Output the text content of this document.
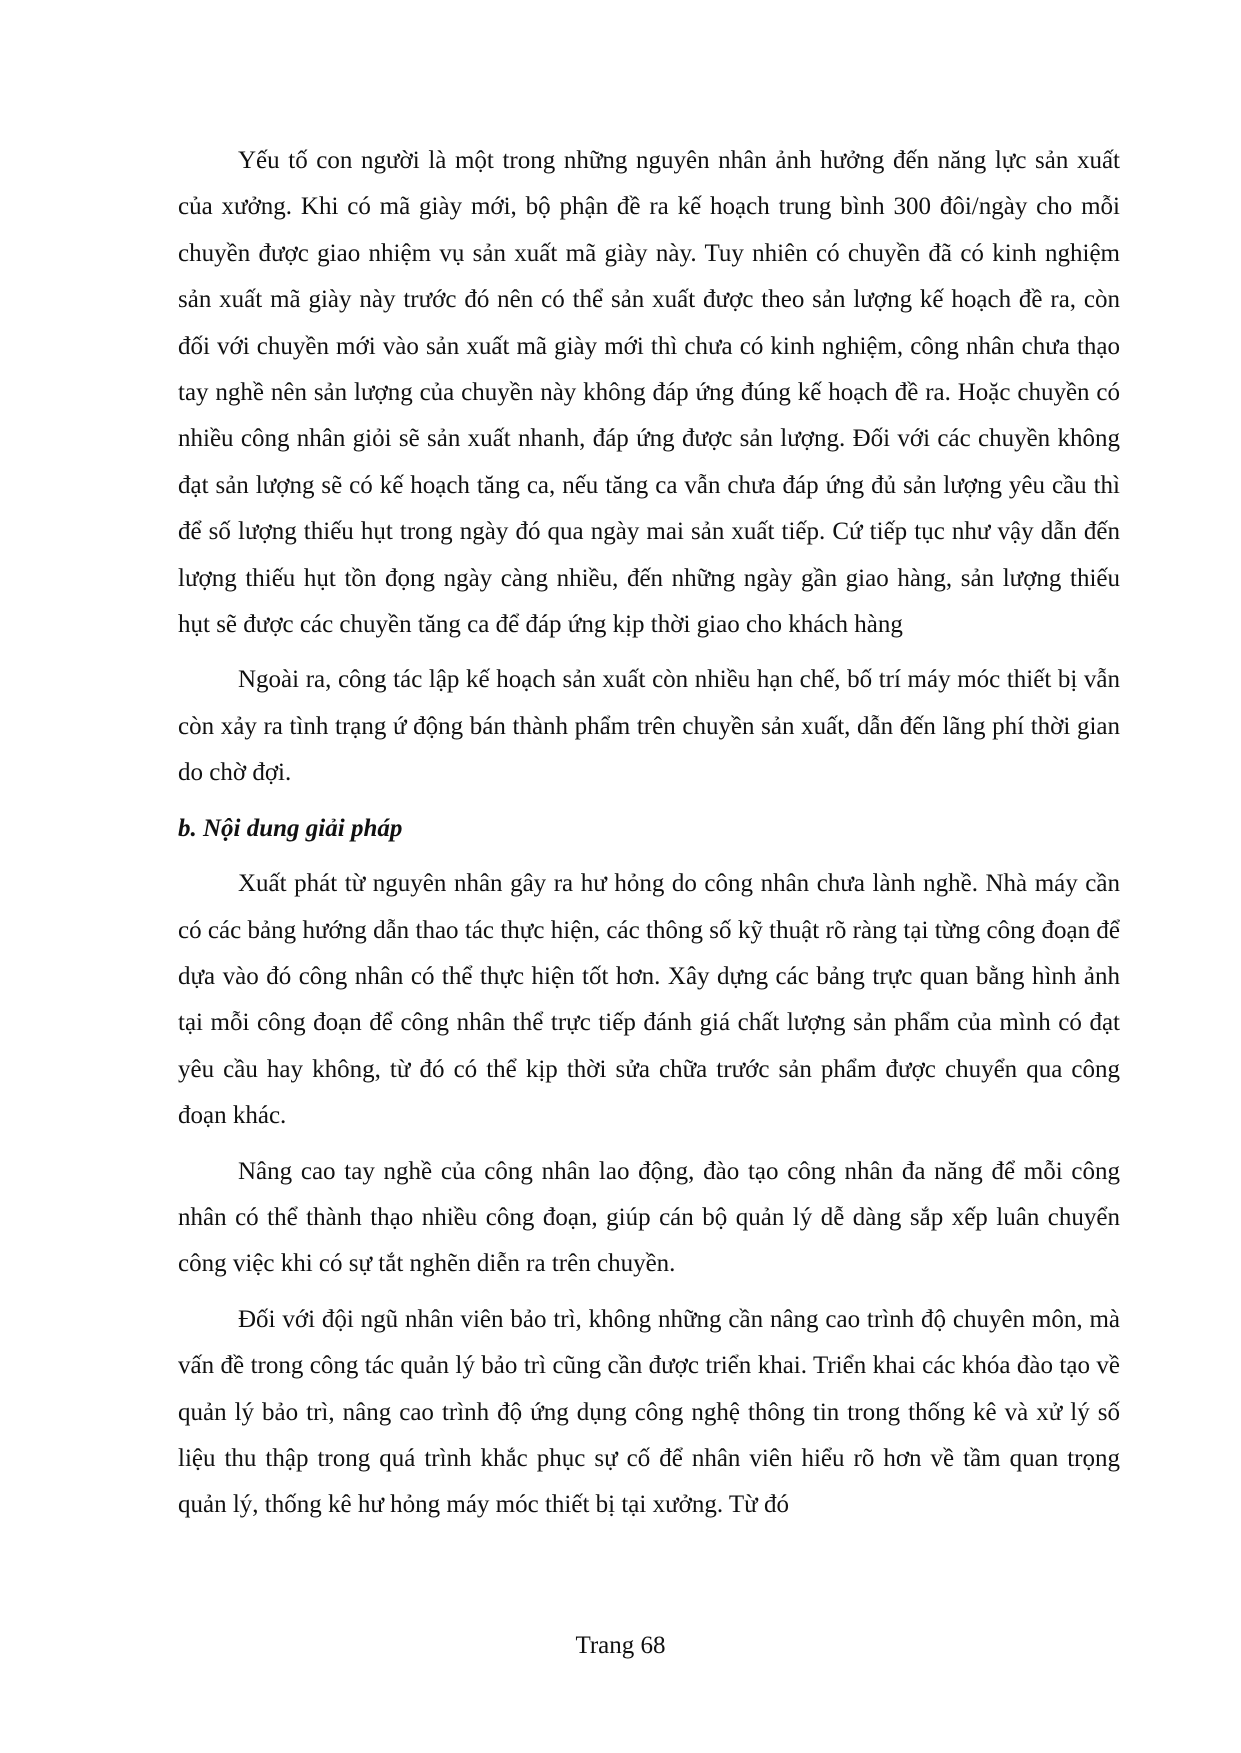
Yếu tố con người là một trong những nguyên nhân ảnh hưởng đến năng lực sản xuất của xưởng. Khi có mã giày mới, bộ phận đề ra kế hoạch trung bình 300 đôi/ngày cho mỗi chuyền được giao nhiệm vụ sản xuất mã giày này. Tuy nhiên có chuyền đã có kinh nghiệm sản xuất mã giày này trước đó nên có thể sản xuất được theo sản lượng kế hoạch đề ra, còn đối với chuyền mới vào sản xuất mã giày mới thì chưa có kinh nghiệm, công nhân chưa thạo tay nghề nên sản lượng của chuyền này không đáp ứng đúng kế hoạch đề ra. Hoặc chuyền có nhiều công nhân giỏi sẽ sản xuất nhanh, đáp ứng được sản lượng. Đối với các chuyền không đạt sản lượng sẽ có kế hoạch tăng ca, nếu tăng ca vẫn chưa đáp ứng đủ sản lượng yêu cầu thì để số lượng thiếu hụt trong ngày đó qua ngày mai sản xuất tiếp. Cứ tiếp tục như vậy dẫn đến lượng thiếu hụt tồn đọng ngày càng nhiều, đến những ngày gần giao hàng, sản lượng thiếu hụt sẽ được các chuyền tăng ca để đáp ứng kịp thời giao cho khách hàng

Ngoài ra, công tác lập kế hoạch sản xuất còn nhiều hạn chế, bố trí máy móc thiết bị vẫn còn xảy ra tình trạng ứ động bán thành phẩm trên chuyền sản xuất, dẫn đến lãng phí thời gian do chờ đợi.

b. Nội dung giải pháp

Xuất phát từ nguyên nhân gây ra hư hỏng do công nhân chưa lành nghề. Nhà máy cần có các bảng hướng dẫn thao tác thực hiện, các thông số kỹ thuật rõ ràng tại từng công đoạn để dựa vào đó công nhân có thể thực hiện tốt hơn. Xây dựng các bảng trực quan bằng hình ảnh tại mỗi công đoạn để công nhân thể trực tiếp đánh giá chất lượng sản phẩm của mình có đạt yêu cầu hay không, từ đó có thể kịp thời sửa chữa trước sản phẩm được chuyển qua công đoạn khác.

Nâng cao tay nghề của công nhân lao động, đào tạo công nhân đa năng để mỗi công nhân có thể thành thạo nhiều công đoạn, giúp cán bộ quản lý dễ dàng sắp xếp luân chuyển công việc khi có sự tắt nghẽn diễn ra trên chuyền.

Đối với đội ngũ nhân viên bảo trì, không những cần nâng cao trình độ chuyên môn, mà vấn đề trong công tác quản lý bảo trì cũng cần được triển khai. Triển khai các khóa đào tạo về quản lý bảo trì, nâng cao trình độ ứng dụng công nghệ thông tin trong thống kê và xử lý số liệu thu thập trong quá trình khắc phục sự cố để nhân viên hiểu rõ hơn về tầm quan trọng quản lý, thống kê hư hỏng máy móc thiết bị tại xưởng. Từ đó

Trang 68
